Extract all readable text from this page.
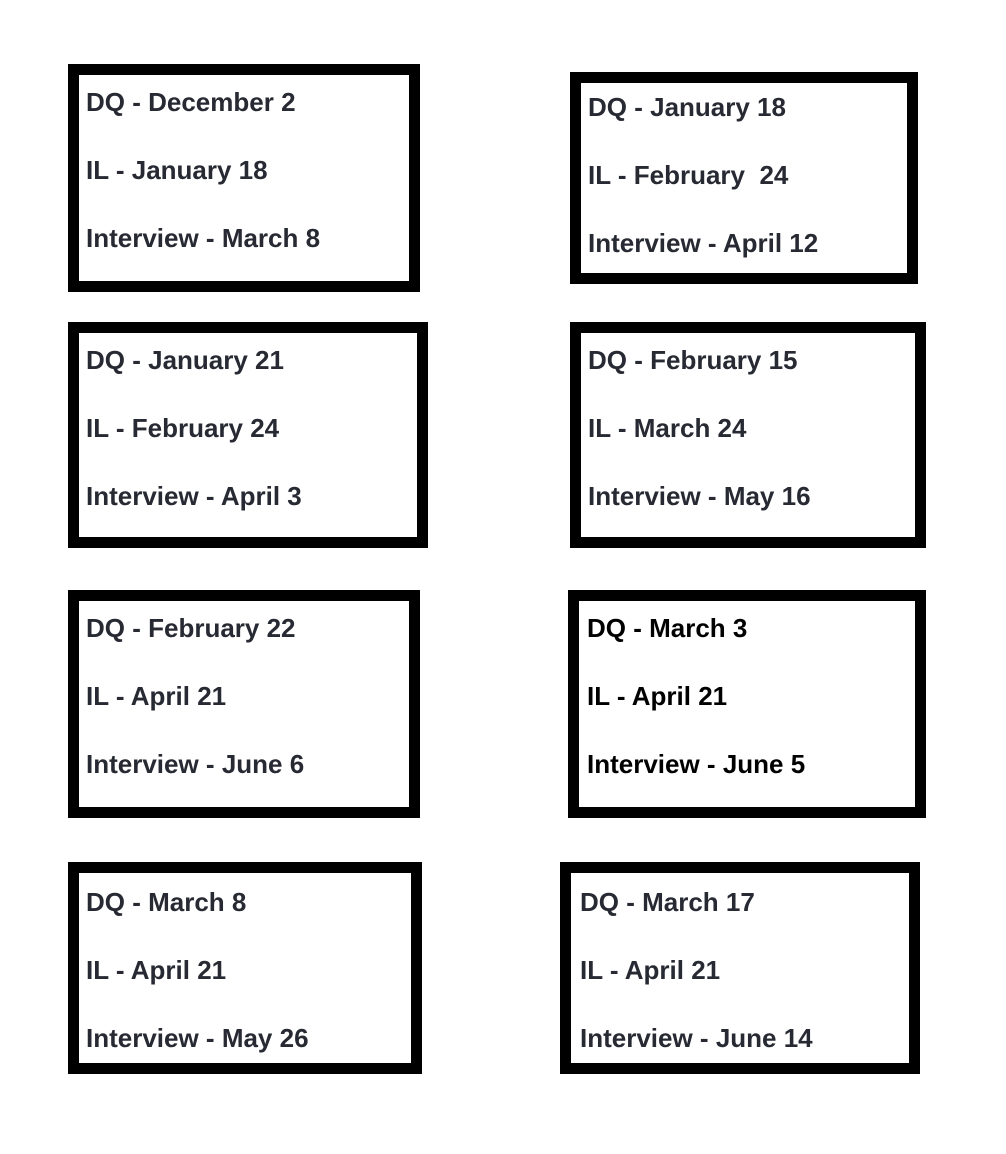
DQ - December 2
IL - January 18
Interview - March 8
DQ - January 18
IL - February  24
Interview - April 12
DQ - January 21
IL - February 24
Interview - April 3
DQ - February 15
IL - March 24
Interview - May 16
DQ - February 22
IL - April 21
Interview - June 6
DQ - March 3
IL - April 21
Interview - June 5
DQ - March 8
IL - April 21
Interview - May 26
DQ - March 17
IL - April 21
Interview - June 14
